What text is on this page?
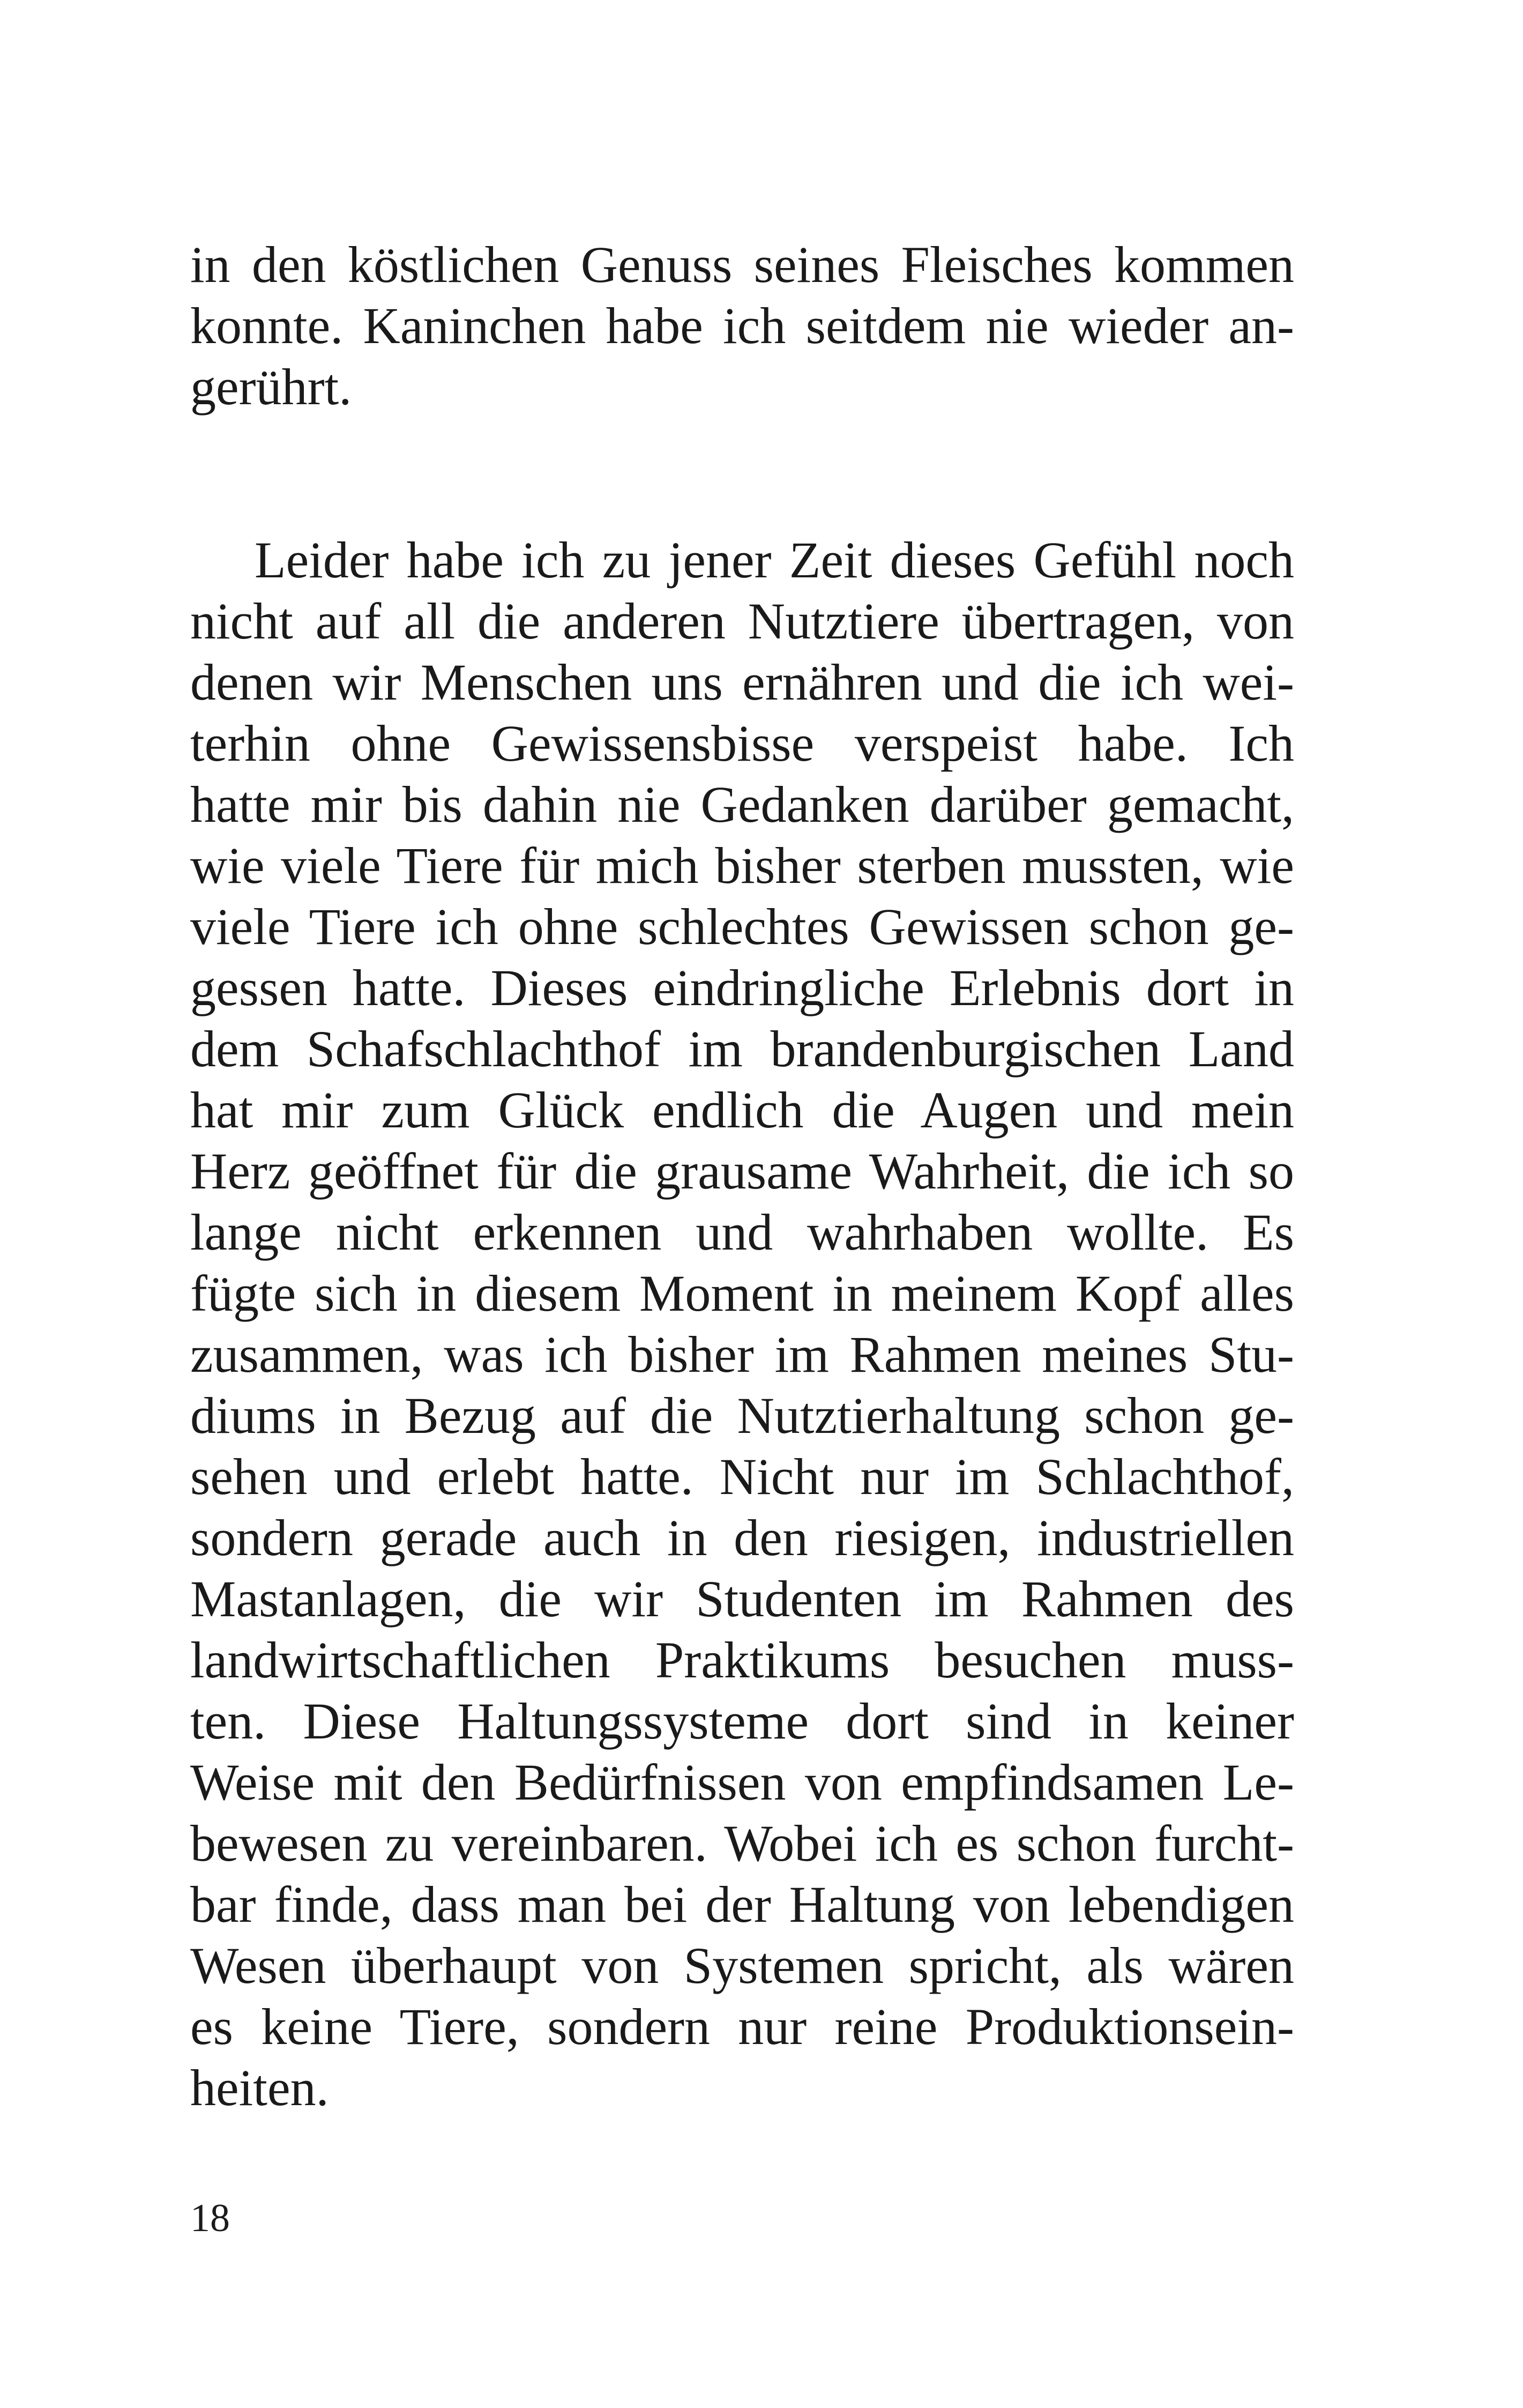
in den köstlichen Genuss seines Fleisches kommen
konnte. Kaninchen habe ich seitdem nie wieder an-
gerührt.
Leider habe ich zu jener Zeit dieses Gefühl noch
nicht auf all die anderen Nutztiere übertragen, von
denen wir Menschen uns ernähren und die ich wei-
terhin ohne Gewissensbisse verspeist habe. Ich
hatte mir bis dahin nie Gedanken darüber gemacht,
wie viele Tiere für mich bisher sterben mussten, wie
viele Tiere ich ohne schlechtes Gewissen schon ge-
gessen hatte. Dieses eindringliche Erlebnis dort in
dem Schafschlachthof im brandenburgischen Land
hat mir zum Glück endlich die Augen und mein
Herz geöffnet für die grausame Wahrheit, die ich so
lange nicht erkennen und wahrhaben wollte. Es
fügte sich in diesem Moment in meinem Kopf alles
zusammen, was ich bisher im Rahmen meines Stu-
diums in Bezug auf die Nutztierhaltung schon ge-
sehen und erlebt hatte. Nicht nur im Schlachthof,
sondern gerade auch in den riesigen, industriellen
Mastanlagen, die wir Studenten im Rahmen des
landwirtschaftlichen Praktikums besuchen muss-
ten. Diese Haltungssysteme dort sind in keiner
Weise mit den Bedürfnissen von empfindsamen Le-
bewesen zu vereinbaren. Wobei ich es schon furcht-
bar finde, dass man bei der Haltung von lebendigen
Wesen überhaupt von Systemen spricht, als wären
es keine Tiere, sondern nur reine Produktionsein-
heiten.
18
